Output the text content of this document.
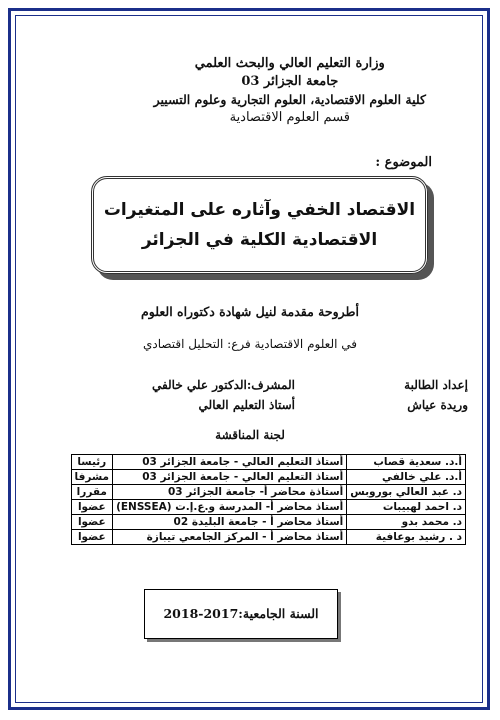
وزارة التعليم العالي والبحث العلمي
جامعة الجزائر 03
كلية العلوم الاقتصادية، العلوم التجارية وعلوم التسيير
قسم العلوم الاقتصادية
الموضوع :
الاقتصاد الخفي وآثاره على المتغيرات
الاقتصادية الكلية في الجزائر
أطروحة مقدمة لنيل شهادة دكتوراه العلوم
في العلوم الاقتصادية فرع: التحليل اقتصادي
إعداد الطالبة
وريدة عياش
المشرف:الدكتور علي خالفي
أستاذ التعليم العالي
لجنة المناقشة
أ.د. سعدية قصاب	أستاذ التعليم العالي - جامعة الجزائر 03	رئيسا
أ.د. علي خالفي	أستاذ التعليم العالي - جامعة الجزائر 03	مشرفا
د. عبد العالي بوروبس	أستاذة محاضر أ- جامعة الجزائر 03	مقررا
د. احمد لهبيبات	أستاذ محاضر أ- المدرسة و.ع.إ.ت (ENSSEA)	عضوا
د. محمد بدو	أستاذ محاضر أ - جامعة البليدة 02	عضوا
د . رشيد بوعافية	أستاذ محاضر أ - المركز الجامعي تيبازة	عضوا
السنة الجامعية:2017-2018
